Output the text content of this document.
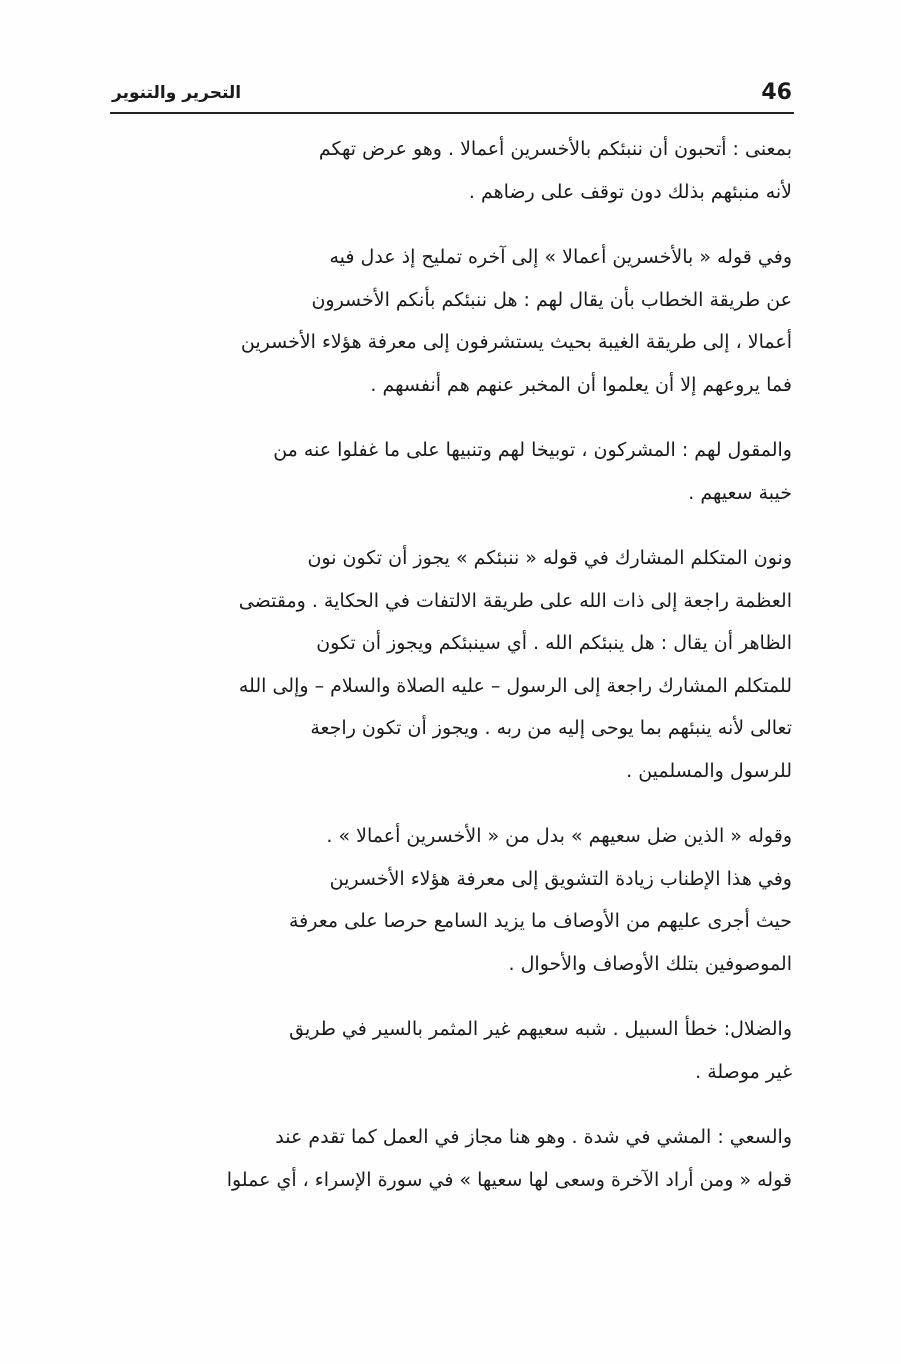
46
التحرير والتنوير
بمعنى : أتحبون أن ننبئكم بالأخسرين أعمالا . وهو عرض تهكم
لأنه منبئهم بذلك دون توقف على رضاهم .
وفي قوله « بالأخسرين أعمالا » إلى آخره تمليح إذ عدل فيه
عن طريقة الخطاب بأن يقال لهم : هل ننبئكم بأنكم الأخسرون
أعمالا ، إلى طريقة الغيبة بحيث يستشرفون إلى معرفة هؤلاء الأخسرين
فما يروعهم إلا أن يعلموا أن المخبر عنهم هم أنفسهم .
والمقول لهم : المشركون ، توبيخا لهم وتنبيها على ما غفلوا عنه من
خيبة سعيهم .
ونون المتكلم المشارك في قوله « ننبئكم » يجوز أن تكون نون
العظمة راجعة إلى ذات الله على طريقة الالتفات في الحكاية . ومقتضى
الظاهر أن يقال : هل ينبئكم الله . أي سينبئكم ويجوز أن تكون
للمتكلم المشارك راجعة إلى الرسول – عليه الصلاة والسلام – وإلى الله
تعالى لأنه ينبئهم بما يوحى إليه من ربه . ويجوز أن تكون راجعة
للرسول والمسلمين .
وقوله « الذين ضل سعيهم » بدل من « الأخسرين أعمالا » .
وفي هذا الإطناب زيادة التشويق إلى معرفة هؤلاء الأخسرين
حيث أجرى عليهم من الأوصاف ما يزيد السامع حرصا على معرفة
الموصوفين بتلك الأوصاف والأحوال .
والضلال: خطأ السبيل . شبه سعيهم غير المثمر بالسير في طريق
غير موصلة .
والسعي : المشي في شدة . وهو هنا مجاز في العمل كما تقدم عند
قوله « ومن أراد الآخرة وسعى لها سعيها » في سورة الإسراء ، أي عملوا
